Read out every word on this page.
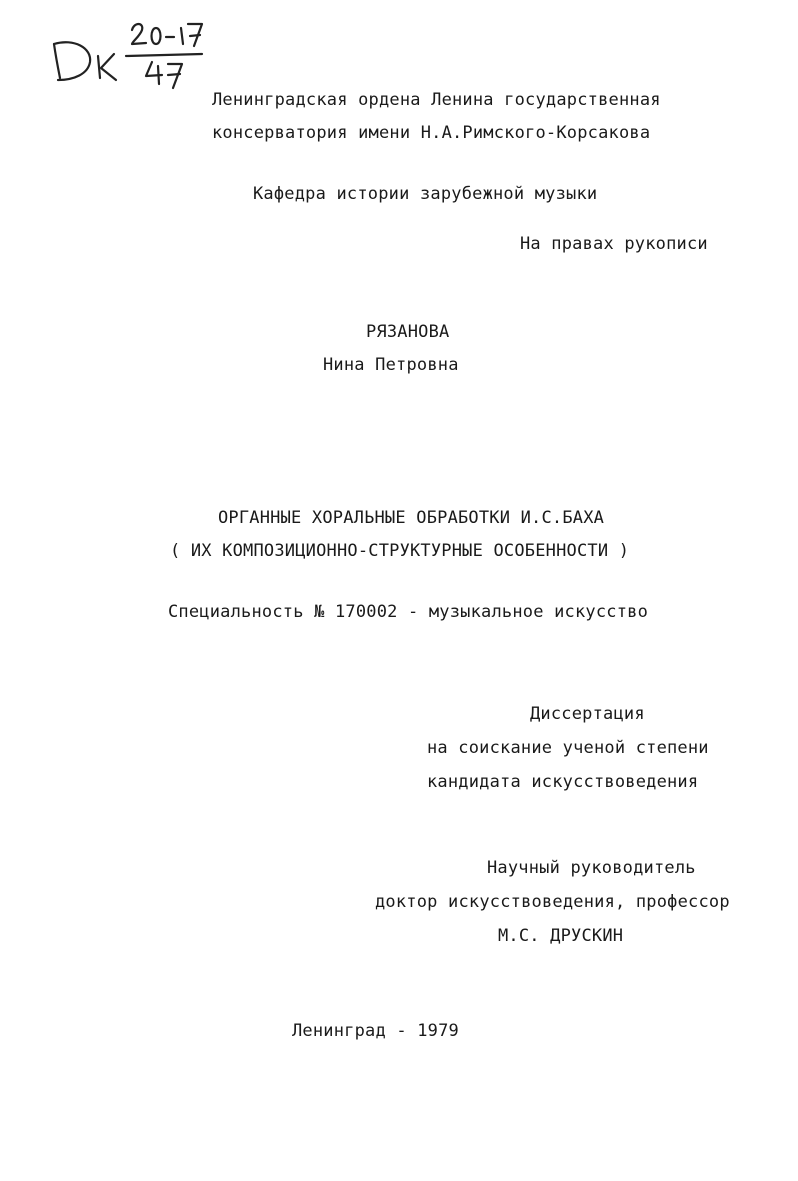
Ленинградская ордена Ленина государственная
консерватория имени Н.А.Римского-Корсакова
Кафедра истории зарубежной музыки
На правах рукописи
РЯЗАНОВА
Нина Петровна
ОРГАННЫЕ ХОРАЛЬНЫЕ ОБРАБОТКИ И.С.БАХА
( ИХ КОМПОЗИЦИОННО-СТРУКТУРНЫЕ ОСОБЕННОСТИ )
Специальность № 170002 - музыкальное искусство
Диссертация
на соискание ученой степени
кандидата искусствоведения
Научный руководитель
доктор искусствоведения, профессор
М.С. ДРУСКИН
Ленинград - 1979
